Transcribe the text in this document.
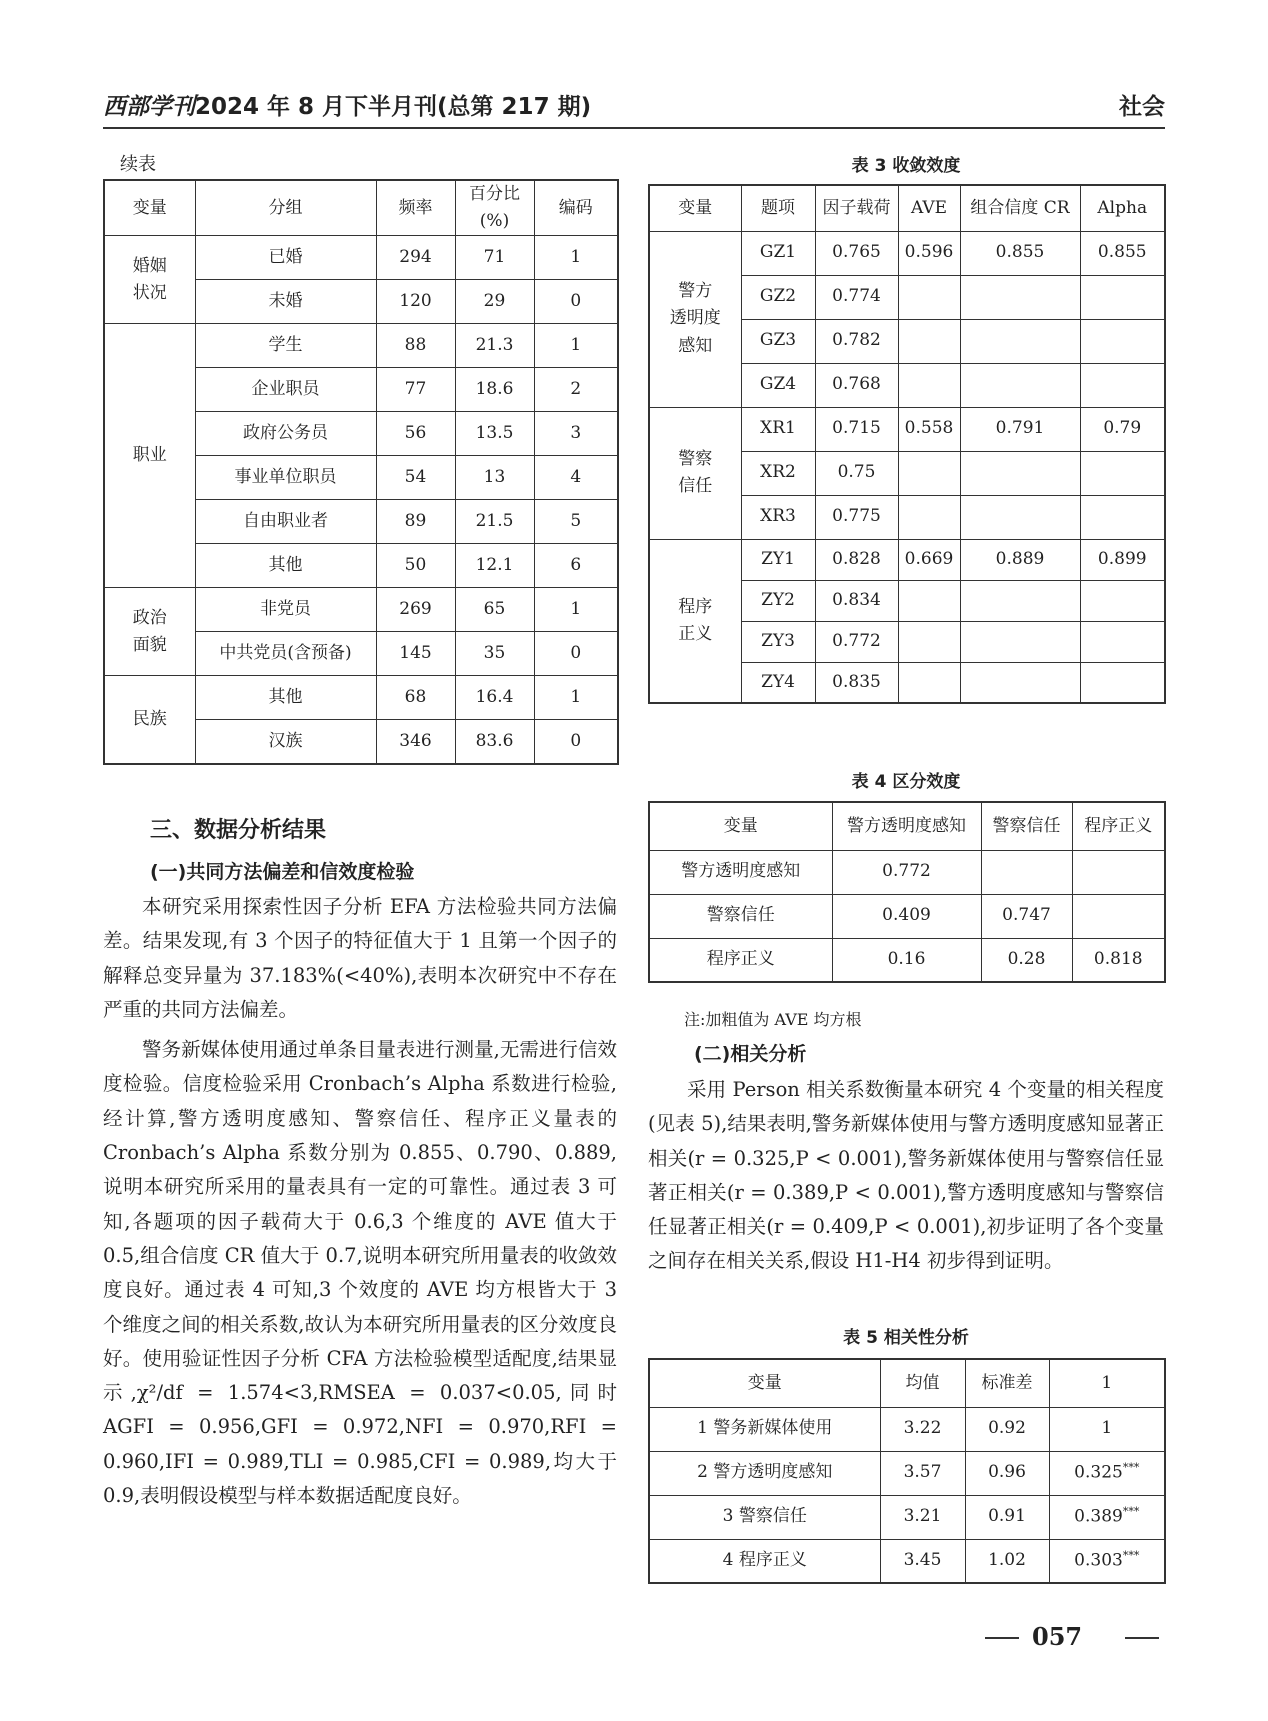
西部学刊2024 年 8 月下半月刊(总第 217 期)	社会
续表
变量	分组	频率	百分比(%)	编码
婚姻
状况	已婚	294	71	1
	未婚	120	29	0
职业	学生	88	21.3	1
	企业职员	77	18.6	2
	政府公务员	56	13.5	3
	事业单位职员	54	13	4
	自由职业者	89	21.5	5
	其他	50	12.1	6
政治
面貌	非党员	269	65	1
	中共党员(含预备)	145	35	0
民族	其他	68	16.4	1
	汉族	346	83.6	0
三、数据分析结果
(一)共同方法偏差和信效度检验

本研究采用探索性因子分析 EFA 方法检验共同方法偏差。结果发现,有 3 个因子的特征值大于 1 且第一个因子的解释总变异量为 37.183%(<40%),表明本次研究中不存在严重的共同方法偏差。

警务新媒体使用通过单条目量表进行测量,无需进行信效度检验。信度检验采用 Cronbach’s Alpha 系数进行检验,经计算,警方透明度感知、警察信任、程序正义量表的 Cronbach’s Alpha 系数分别为 0.855、0.790、0.889,说明本研究所采用的量表具有一定的可靠性。通过表 3 可知,各题项的因子载荷大于 0.6,3 个维度的 AVE 值大于 0.5,组合信度 CR 值大于 0.7,说明本研究所用量表的收敛效度良好。通过表 4 可知,3 个效度的 AVE 均方根皆大于 3 个维度之间的相关系数,故认为本研究所用量表的区分效度良好。使用验证性因子分析 CFA 方法检验模型适配度,结果显示,χ²/df = 1.574<3,RMSEA = 0.037<0.05,同时 AGFI = 0.956,GFI = 0.972,NFI = 0.970,RFI = 0.960,IFI = 0.989,TLI = 0.985,CFI = 0.989,均大于 0.9,表明假设模型与样本数据适配度良好。

表 3 收敛效度
变量	题项	因子载荷	AVE	组合信度 CR	Alpha
警方
透明度
感知	GZ1	0.765	0.596	0.855	0.855
	GZ2	0.774			
	GZ3	0.782			
	GZ4	0.768			
警察
信任	XR1	0.715	0.558	0.791	0.79
	XR2	0.75			
	XR3	0.775			
程序
正义	ZY1	0.828	0.669	0.889	0.899
	ZY2	0.834			
	ZY3	0.772			
	ZY4	0.835			
表 4 区分效度
变量	警方透明度感知	警察信任	程序正义
警方透明度感知	0.772		
警察信任	0.409	0.747	
程序正义	0.16	0.28	0.818
注:加粗值为 AVE 均方根
(二)相关分析

采用 Person 相关系数衡量本研究 4 个变量的相关程度(见表 5),结果表明,警务新媒体使用与警方透明度感知显著正相关(r = 0.325,P < 0.001),警务新媒体使用与警察信任显著正相关(r = 0.389,P < 0.001),警方透明度感知与警察信任显著正相关(r = 0.409,P < 0.001),初步证明了各个变量之间存在相关关系,假设 H1-H4 初步得到证明。

表 5 相关性分析
变量	均值	标准差	1
1 警务新媒体使用	3.22	0.92	1
2 警方透明度感知	3.57	0.96	0.325***
3 警察信任	3.21	0.91	0.389***
4 程序正义	3.45	1.02	0.303***
057
